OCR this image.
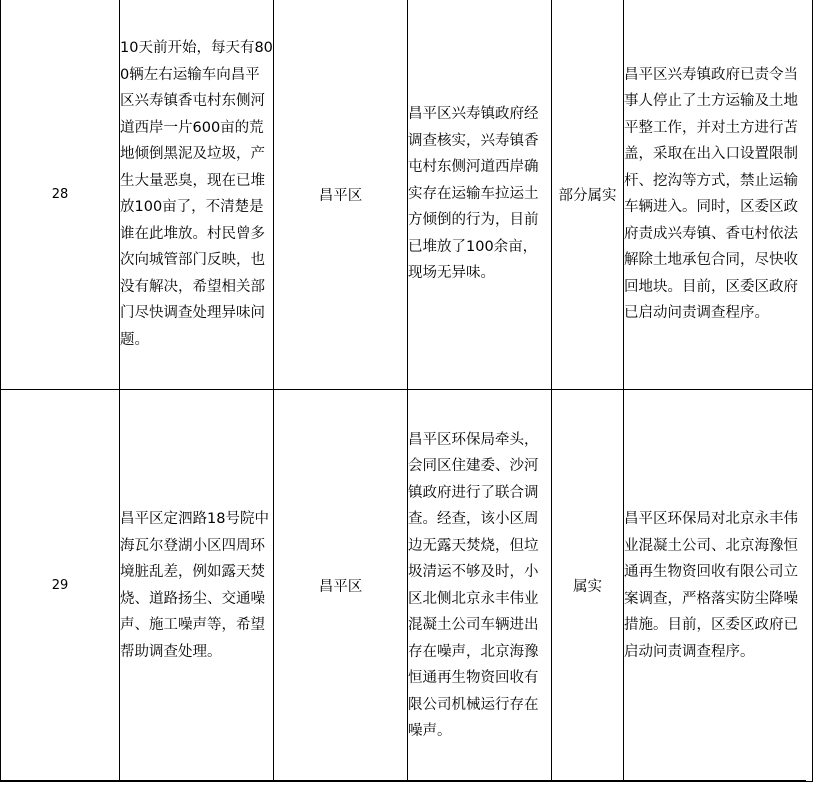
28	10天前开始，每天有800辆左右运输车向昌平区兴寿镇香屯村东侧河道西岸一片600亩的荒地倾倒黑泥及垃圾，产生大量恶臭，现在已堆放100亩了，不清楚是谁在此堆放。村民曾多次向城管部门反映，也没有解决，希望相关部门尽快调查处理异味问题。	昌平区	昌平区兴寿镇政府经调查核实，兴寿镇香屯村东侧河道西岸确实存在运输车拉运土方倾倒的行为，目前已堆放了100余亩，现场无异味。	部分属实	昌平区兴寿镇政府已责令当事人停止了土方运输及土地平整工作，并对土方进行苫盖，采取在出入口设置限制杆、挖沟等方式，禁止运输车辆进入。同时，区委区政府责成兴寿镇、香屯村依法解除土地承包合同，尽快收回地块。目前，区委区政府已启动问责调查程序。
29	昌平区定泗路18号院中海瓦尔登湖小区四周环境脏乱差，例如露天焚烧、道路扬尘、交通噪声、施工噪声等，希望帮助调查处理。	昌平区	昌平区环保局牵头，会同区住建委、沙河镇政府进行了联合调查。经查，该小区周边无露天焚烧，但垃圾清运不够及时，小区北侧北京永丰伟业混凝土公司车辆进出存在噪声，北京海豫恒通再生物资回收有限公司机械运行存在噪声。	属实	昌平区环保局对北京永丰伟业混凝土公司、北京海豫恒通再生物资回收有限公司立案调查，严格落实防尘降噪措施。目前，区委区政府已启动问责调查程序。
